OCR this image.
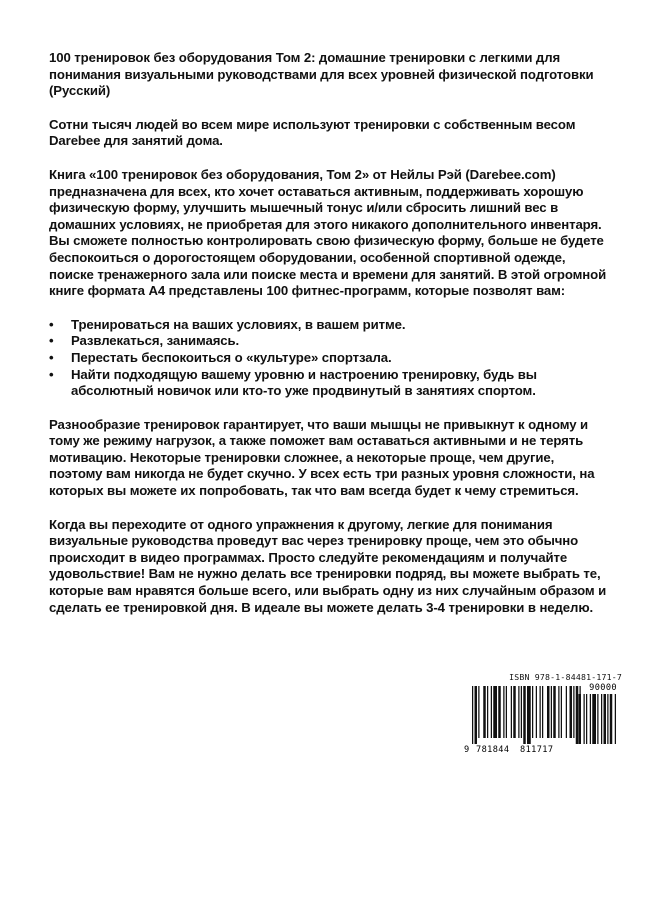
100 тренировок без оборудования Том 2: домашние тренировки с легкими для понимания визуальными руководствами для всех уровней физической подготовки (Русский)

Сотни тысяч людей во всем мире используют тренировки с собственным весом Darebee для занятий дома.

Книга «100 тренировок без оборудования, Том 2» от Нейлы Рэй (Darebee.com) предназначена для всех, кто хочет оставаться активным, поддерживать хорошую физическую форму, улучшить мышечный тонус и/или сбросить лишний вес в домашних условиях, не приобретая для этого никакого дополнительного инвентаря. Вы сможете полностью контролировать свою физическую форму, больше не будете беспокоиться о дорогостоящем оборудовании, особенной спортивной одежде, поиске тренажерного зала или поиске места и времени для занятий. В этой огромной книге формата А4 представлены 100 фитнес-программ, которые позволят вам:

• Тренироваться на ваших условиях, в вашем ритме.
• Развлекаться, занимаясь.
• Перестать беспокоиться о «культуре» спортзала.
• Найти подходящую вашему уровню и настроению тренировку, будь вы абсолютный новичок или кто-то уже продвинутый в занятиях спортом.

Разнообразие тренировок гарантирует, что ваши мышцы не привыкнут к одному и тому же режиму нагрузок, а также поможет вам оставаться активными и не терять мотивацию. Некоторые тренировки сложнее, а некоторые проще, чем другие, поэтому вам никогда не будет скучно. У всех есть три разных уровня сложности, на которых вы можете их попробовать, так что вам всегда будет к чему стремиться.

Когда вы переходите от одного упражнения к другому, легкие для понимания визуальные руководства проведут вас через тренировку проще, чем это обычно происходит в видео программах. Просто следуйте рекомендациям и получайте удовольствие! Вам не нужно делать все тренировки подряд, вы можете выбрать те, которые вам нравятся больше всего, или выбрать одну из них случайным образом и сделать ее тренировкой дня. В идеале вы можете делать 3-4 тренировки в неделю.

ISBN 978-1-84481-171-7
9 781844 811717
90000
